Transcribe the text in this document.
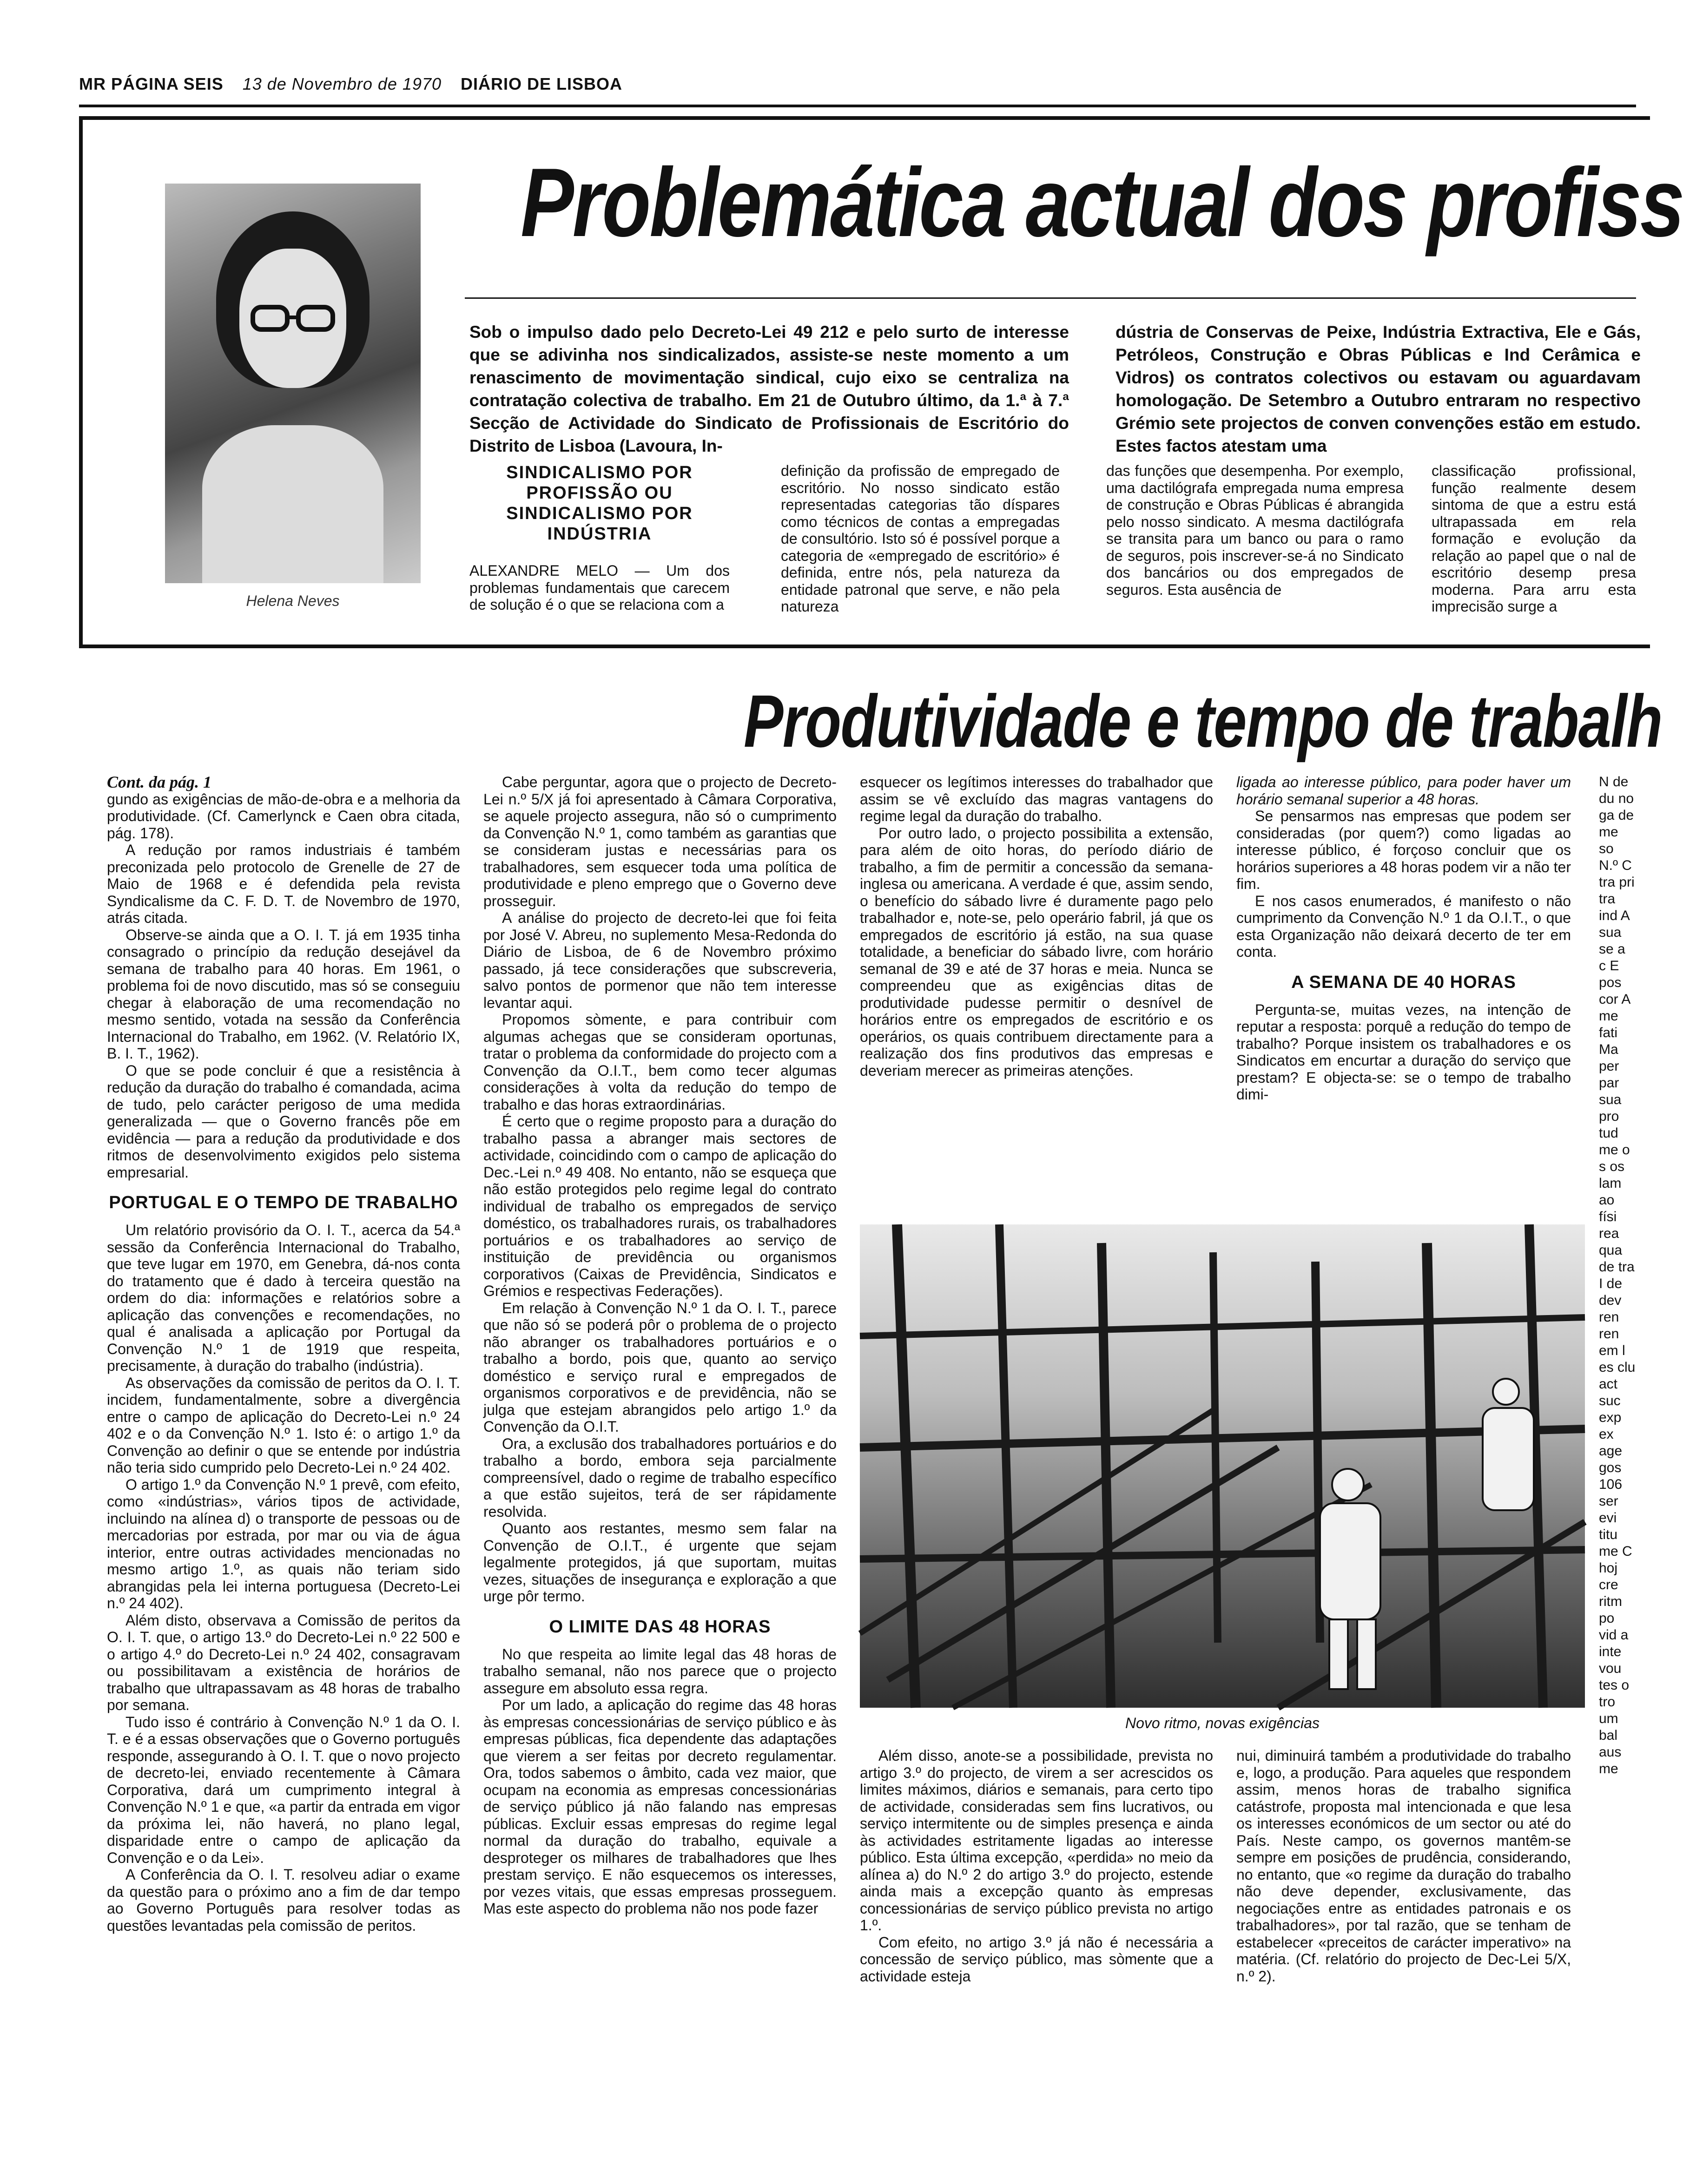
MR PÁGINA SEIS 13 de Novembro de 1970 DIÁRIO DE LISBOA
Helena Neves
Problemática actual dos profiss
Sob o impulso dado pelo Decreto-Lei 49 212 e pelo surto de interesse que se adivinha nos sindicalizados, assiste-se neste momento a um renascimento de movimentação sindical, cujo eixo se centraliza na contratação colectiva de trabalho. Em 21 de Outubro último, da 1.ª à 7.ª Secção de Actividade do Sindicato de Profissionais de Escritório do Distrito de Lisboa (Lavoura, In-
dústria de Conservas de Peixe, Indústria Extractiva, Ele e Gás, Petróleos, Construção e Obras Públicas e Ind Cerâmica e Vidros) os contratos colectivos ou estavam ou aguardavam homologação. De Setembro a Outubro entraram no respectivo Grémio sete projectos de conven convenções estão em estudo. Estes factos atestam uma
SINDICALISMO POR PROFISSÃO OU SINDICALISMO POR INDÚSTRIA
ALEXANDRE MELO — Um dos problemas fundamentais que carecem de solução é o que se relaciona com a
definição da profissão de empregado de escritório. No nosso sindicato estão representadas categorias tão díspares como técnicos de contas a empregadas de consultório. Isto só é possível porque a categoria de «empregado de escritório» é definida, entre nós, pela natureza da entidade patronal que serve, e não pela natureza
das funções que desempenha. Por exemplo, uma dactilógrafa empregada numa empresa de construção e Obras Públicas é abrangida pelo nosso sindicato. A mesma dactilógrafa se transita para um banco ou para o ramo de seguros, pois inscrever-se-á no Sindicato dos bancários ou dos empregados de seguros. Esta ausência de
classificação profissional, função realmente desem sintoma de que a estru está ultrapassada em rela formação e evolução da relação ao papel que o nal de escritório desemp presa moderna. Para arru esta imprecisão surge a
Produtividade e tempo de trabalh
Cont. da pág. 1

gundo as exigências de mão-de-obra e a melhoria da produtividade. (Cf. Camerlynck e Caen obra citada, pág. 178).

A redução por ramos industriais é também preconizada pelo protocolo de Grenelle de 27 de Maio de 1968 e é defendida pela revista Syndicalisme da C. F. D. T. de Novembro de 1970, atrás citada.

Observe-se ainda que a O. I. T. já em 1935 tinha consagrado o princípio da redução desejável da semana de trabalho para 40 horas. Em 1961, o problema foi de novo discutido, mas só se conseguiu chegar à elaboração de uma recomendação no mesmo sentido, votada na sessão da Conferência Internacional do Trabalho, em 1962. (V. Relatório IX, B. I. T., 1962).

O que se pode concluir é que a resistência à redução da duração do trabalho é comandada, acima de tudo, pelo carácter perigoso de uma medida generalizada — que o Governo francês põe em evidência — para a redução da produtividade e dos ritmos de desenvolvimento exigidos pelo sistema empresarial.

PORTUGAL E O TEMPO DE TRABALHO

Um relatório provisório da O. I. T., acerca da 54.ª sessão da Conferência Internacional do Trabalho, que teve lugar em 1970, em Genebra, dá-nos conta do tratamento que é dado à terceira questão na ordem do dia: informações e relatórios sobre a aplicação das convenções e recomendações, no qual é analisada a aplicação por Portugal da Convenção N.º 1 de 1919 que respeita, precisamente, à duração do trabalho (indústria).

As observações da comissão de peritos da O. I. T. incidem, fundamentalmente, sobre a divergência entre o campo de aplicação do Decreto-Lei n.º 24 402 e o da Convenção N.º 1. Isto é: o artigo 1.º da Convenção ao definir o que se entende por indústria não teria sido cumprido pelo Decreto-Lei n.º 24 402.

O artigo 1.º da Convenção N.º 1 prevê, com efeito, como «indústrias», vários tipos de actividade, incluindo na alínea d) o transporte de pessoas ou de mercadorias por estrada, por mar ou via de água interior, entre outras actividades mencionadas no mesmo artigo 1.º, as quais não teriam sido abrangidas pela lei interna portuguesa (Decreto-Lei n.º 24 402).

Além disto, observava a Comissão de peritos da O. I. T. que, o artigo 13.º do Decreto-Lei n.º 22 500 e o artigo 4.º do Decreto-Lei n.º 24 402, consagravam ou possibilitavam a existência de horários de trabalho que ultrapassavam as 48 horas de trabalho por semana.

Tudo isso é contrário à Convenção N.º 1 da O. I. T. e é a essas observações que o Governo português responde, assegurando à O. I. T. que o novo projecto de decreto-lei, enviado recentemente à Câmara Corporativa, dará um cumprimento integral à Convenção N.º 1 e que, «a partir da entrada em vigor da próxima lei, não haverá, no plano legal, disparidade entre o campo de aplicação da Convenção e o da Lei».

A Conferência da O. I. T. resolveu adiar o exame da questão para o próximo ano a fim de dar tempo ao Governo Português para resolver todas as questões levantadas pela comissão de peritos.

Cabe perguntar, agora que o projecto de Decreto-Lei n.º 5/X já foi apresentado à Câmara Corporativa, se aquele projecto assegura, não só o cumprimento da Convenção N.º 1, como também as garantias que se consideram justas e necessárias para os trabalhadores, sem esquecer toda uma política de produtividade e pleno emprego que o Governo deve prosseguir.

A análise do projecto de decreto-lei que foi feita por José V. Abreu, no suplemento Mesa-Redonda do Diário de Lisboa, de 6 de Novembro próximo passado, já tece considerações que subscreveria, salvo pontos de pormenor que não tem interesse levantar aqui.

Propomos sòmente, e para contribuir com algumas achegas que se consideram oportunas, tratar o problema da conformidade do projecto com a Convenção da O.I.T., bem como tecer algumas considerações à volta da redução do tempo de trabalho e das horas extraordinárias.

É certo que o regime proposto para a duração do trabalho passa a abranger mais sectores de actividade, coincidindo com o campo de aplicação do Dec.-Lei n.º 49 408. No entanto, não se esqueça que não estão protegidos pelo regime legal do contrato individual de trabalho os empregados de serviço doméstico, os trabalhadores rurais, os trabalhadores portuários e os trabalhadores ao serviço de instituição de previdência ou organismos corporativos (Caixas de Previdência, Sindicatos e Grémios e respectivas Federações).

Em relação à Convenção N.º 1 da O. I. T., parece que não só se poderá pôr o problema de o projecto não abranger os trabalhadores portuários e o trabalho a bordo, pois que, quanto ao serviço doméstico e serviço rural e empregados de organismos corporativos e de previdência, não se julga que estejam abrangidos pelo artigo 1.º da Convenção da O.I.T.

Ora, a exclusão dos trabalhadores portuários e do trabalho a bordo, embora seja parcialmente compreensível, dado o regime de trabalho específico a que estão sujeitos, terá de ser rápidamente resolvida.

Quanto aos restantes, mesmo sem falar na Convenção de O.I.T., é urgente que sejam legalmente protegidos, já que suportam, muitas vezes, situações de insegurança e exploração a que urge pôr termo.

O LIMITE DAS 48 HORAS

No que respeita ao limite legal das 48 horas de trabalho semanal, não nos parece que o projecto assegure em absoluto essa regra.

Por um lado, a aplicação do regime das 48 horas às empresas concessionárias de serviço público e às empresas públicas, fica dependente das adaptações que vierem a ser feitas por decreto regulamentar. Ora, todos sabemos o âmbito, cada vez maior, que ocupam na economia as empresas concessionárias de serviço público já não falando nas empresas públicas. Excluir essas empresas do regime legal normal da duração do trabalho, equivale a desproteger os milhares de trabalhadores que lhes prestam serviço. E não esquecemos os interesses, por vezes vitais, que essas empresas prosseguem. Mas este aspecto do problema não nos pode fazer

esquecer os legítimos interesses do trabalhador que assim se vê excluído das magras vantagens do regime legal da duração do trabalho.

Por outro lado, o projecto possibilita a extensão, para além de oito horas, do período diário de trabalho, a fim de permitir a concessão da semana-inglesa ou americana. A verdade é que, assim sendo, o benefício do sábado livre é duramente pago pelo trabalhador e, note-se, pelo operário fabril, já que os empregados de escritório já estão, na sua quase totalidade, a beneficiar do sábado livre, com horário semanal de 39 e até de 37 horas e meia. Nunca se compreendeu que as exigências ditas de produtividade pudesse permitir o desnível de horários entre os empregados de escritório e os operários, os quais contribuem directamente para a realização dos fins produtivos das empresas e deveriam merecer as primeiras atenções.

ligada ao interesse público, para poder haver um horário semanal superior a 48 horas.

Se pensarmos nas empresas que podem ser consideradas (por quem?) como ligadas ao interesse público, é forçoso concluir que os horários superiores a 48 horas podem vir a não ter fim.

E nos casos enumerados, é manifesto o não cumprimento da Convenção N.º 1 da O.I.T., o que esta Organização não deixará decerto de ter em conta.

A SEMANA DE 40 HORAS

Pergunta-se, muitas vezes, na intenção de reputar a resposta: porquê a redução do tempo de trabalho? Porque insistem os trabalhadores e os Sindicatos em encurtar a duração do serviço que prestam? E objecta-se: se o tempo de trabalho dimi-

N de du no ga de me so N.º C tra pri tra ind A sua se a c E pos cor A me fati Ma per par sua pro tud me o s os lam ao físi rea qua de tra I de dev ren ren em l es clu act suc exp ex age gos 106 ser evi titu me C hoj cre ritm po vid a inte vou tes o tro um bal aus me
Novo ritmo, novas exigências

Além disso, anote-se a possibilidade, prevista no artigo 3.º do projecto, de virem a ser acrescidos os limites máximos, diários e semanais, para certo tipo de actividade, consideradas sem fins lucrativos, ou serviço intermitente ou de simples presença e ainda às actividades estritamente ligadas ao interesse público. Esta última excepção, «perdida» no meio da alínea a) do N.º 2 do artigo 3.º do projecto, estende ainda mais a excepção quanto às empresas concessionárias de serviço público prevista no artigo 1.º.

Com efeito, no artigo 3.º já não é necessária a concessão de serviço público, mas sòmente que a actividade esteja

nui, diminuirá também a produtividade do trabalho e, logo, a produção. Para aqueles que respondem assim, menos horas de trabalho significa catástrofe, proposta mal intencionada e que lesa os interesses económicos de um sector ou até do País. Neste campo, os governos mantêm-se sempre em posições de prudência, considerando, no entanto, que «o regime da duração do trabalho não deve depender, exclusivamente, das negociações entre as entidades patronais e os trabalhadores», por tal razão, que se tenham de estabelecer «preceitos de carácter imperativo» na matéria. (Cf. relatório do projecto de Dec-Lei 5/X, n.º 2).
